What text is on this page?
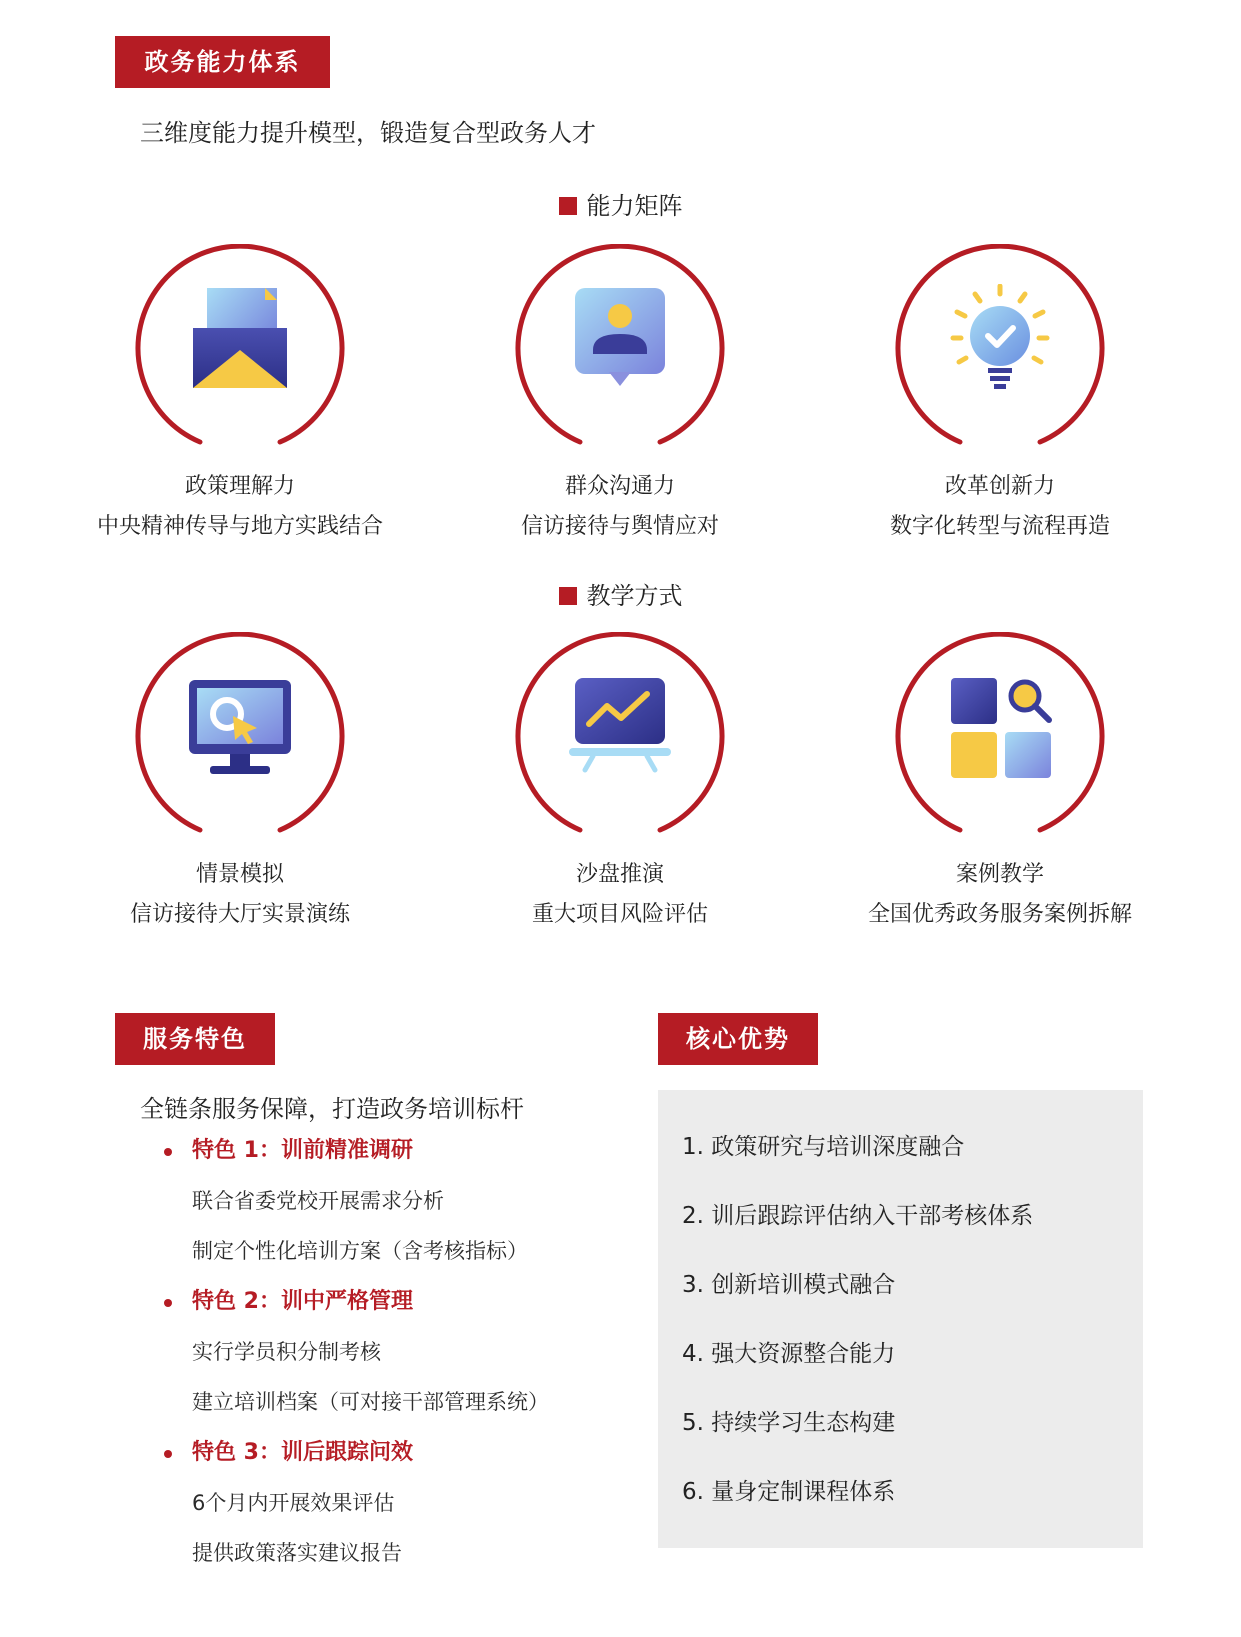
政务能力体系
三维度能力提升模型，锻造复合型政务人才
能力矩阵
政策理解力
中央精神传导与地方实践结合
群众沟通力
信访接待与舆情应对
改革创新力
数字化转型与流程再造
教学方式
情景模拟
信访接待大厅实景演练
沙盘推演
重大项目风险评估
案例教学
全国优秀政务服务案例拆解
服务特色
全链条服务保障，打造政务培训标杆
特色 1：训前精准调研
联合省委党校开展需求分析
制定个性化培训方案（含考核指标）
特色 2：训中严格管理
实行学员积分制考核
建立培训档案（可对接干部管理系统）
特色 3：训后跟踪问效
6个月内开展效果评估
提供政策落实建议报告
核心优势
1. 政策研究与培训深度融合
2. 训后跟踪评估纳入干部考核体系
3. 创新培训模式融合
4. 强大资源整合能力
5. 持续学习生态构建
6. 量身定制课程体系
